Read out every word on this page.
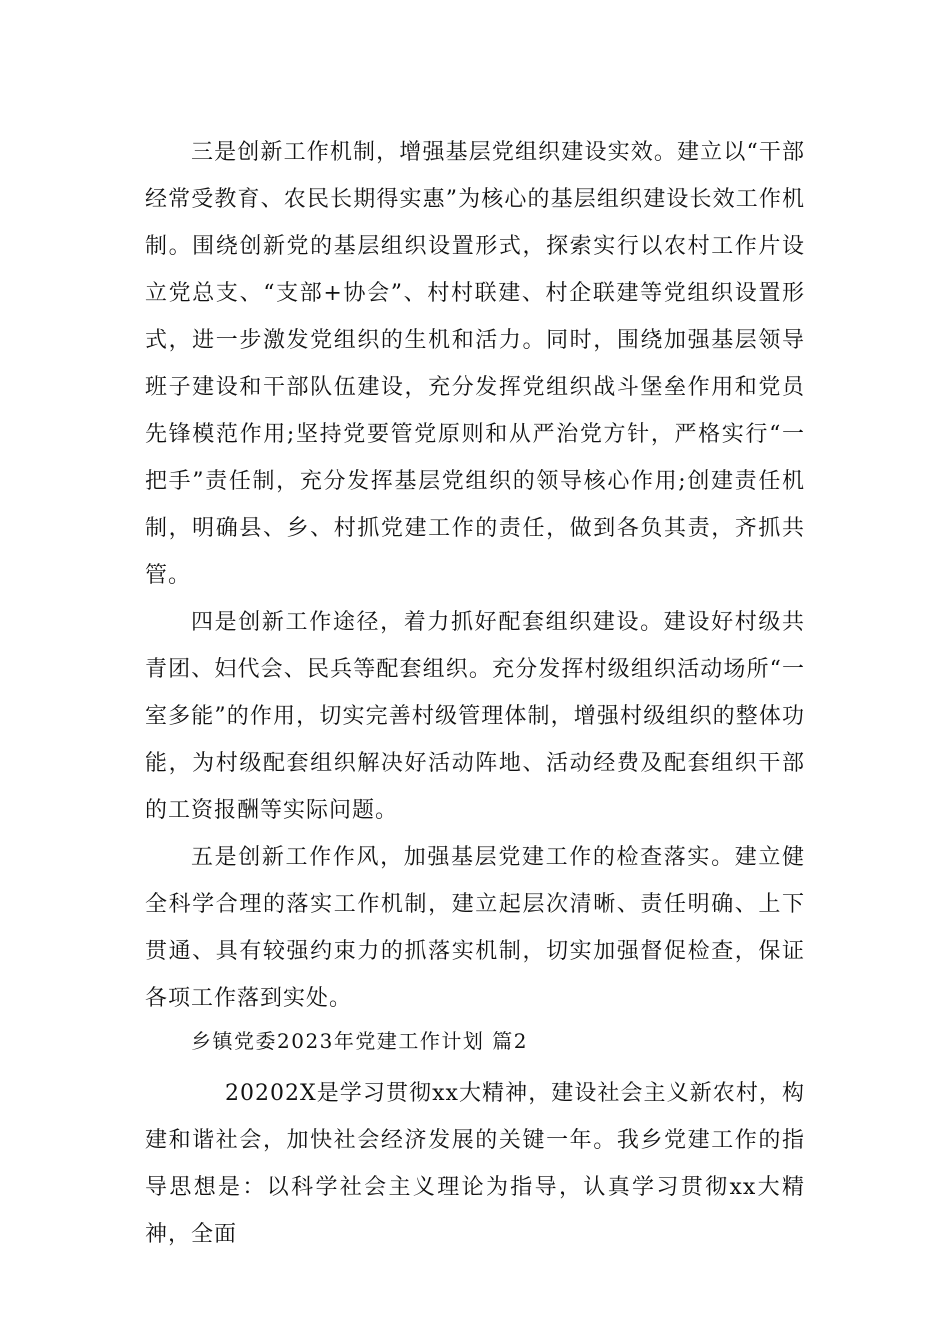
三是创新工作机制，增强基层党组织建设实效。建立以“干部经常受教育、农民长期得实惠”为核心的基层组织建设长效工作机制。围绕创新党的基层组织设置形式，探索实行以农村工作片设立党总支、“支部+协会”、村村联建、村企联建等党组织设置形式，进一步激发党组织的生机和活力。同时，围绕加强基层领导班子建设和干部队伍建设，充分发挥党组织战斗堡垒作用和党员先锋模范作用;坚持党要管党原则和从严治党方针，严格实行“一把手”责任制，充分发挥基层党组织的领导核心作用;创建责任机制，明确县、乡、村抓党建工作的责任，做到各负其责，齐抓共管。

四是创新工作途径，着力抓好配套组织建设。建设好村级共青团、妇代会、民兵等配套组织。充分发挥村级组织活动场所“一室多能”的作用，切实完善村级管理体制，增强村级组织的整体功能，为村级配套组织解决好活动阵地、活动经费及配套组织干部的工资报酬等实际问题。

五是创新工作作风，加强基层党建工作的检查落实。建立健全科学合理的落实工作机制，建立起层次清晰、责任明确、上下贯通、具有较强约束力的抓落实机制，切实加强督促检查，保证各项工作落到实处。

乡镇党委2023年党建工作计划 篇2

20202X是学习贯彻xx大精神，建设社会主义新农村，构建和谐社会，加快社会经济发展的关键一年。我乡党建工作的指导思想是：以科学社会主义理论为指导，认真学习贯彻xx大精神，全面
